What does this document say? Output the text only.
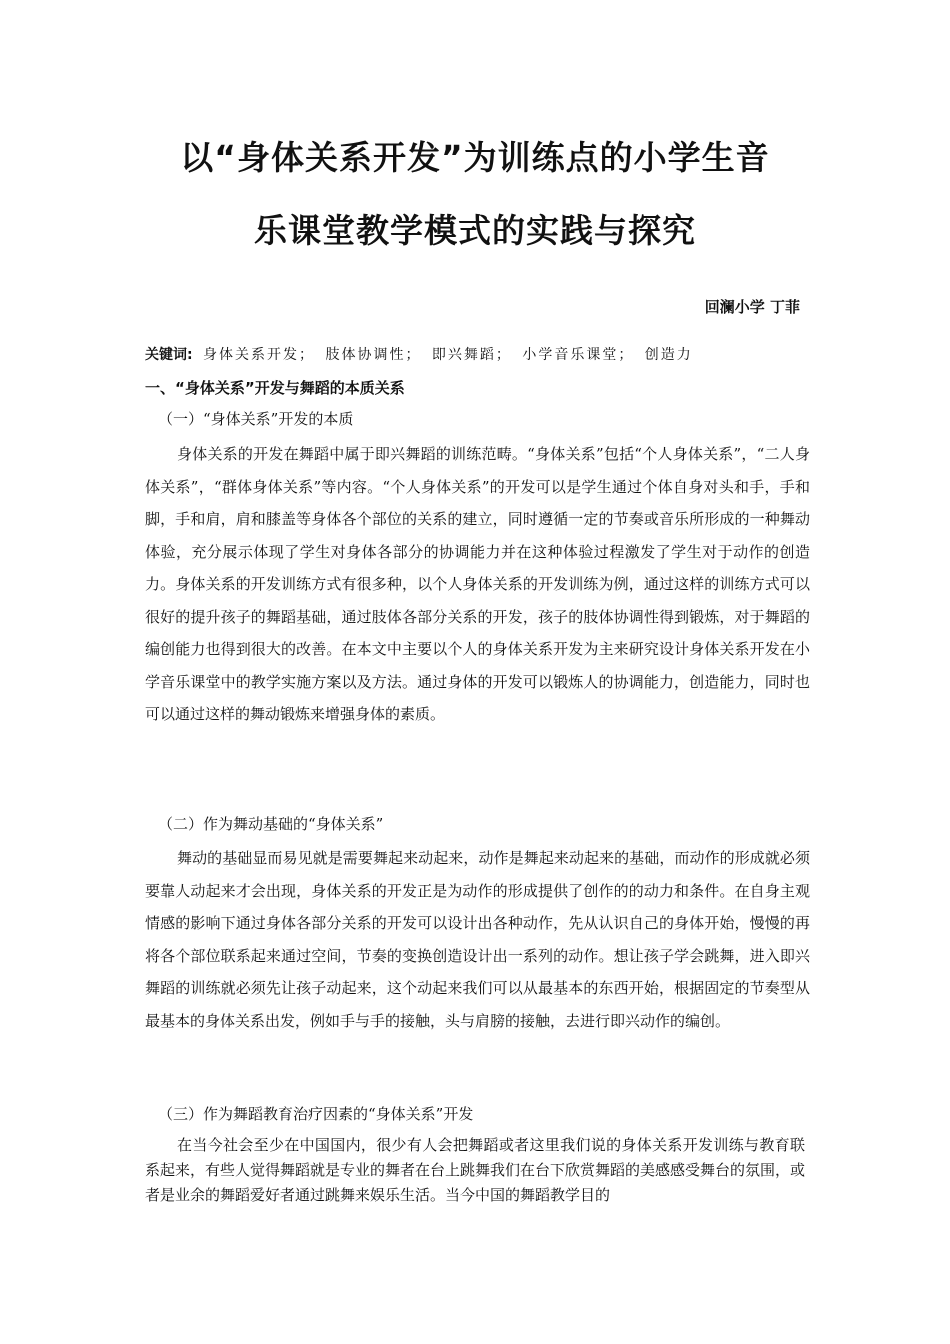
以“身体关系开发”为训练点的小学生音
乐课堂教学模式的实践与探究
回澜小学 丁菲
关键词: 身体关系开发； 肢体协调性； 即兴舞蹈； 小学音乐课堂； 创造力
一、“身体关系”开发与舞蹈的本质关系
（一）“身体关系”开发的本质

身体关系的开发在舞蹈中属于即兴舞蹈的训练范畴。“身体关系”包括“个人身体关系”，“二人身体关系”，“群体身体关系”等内容。“个人身体关系”的开发可以是学生通过个体自身对头和手，手和脚，手和肩，肩和膝盖等身体各个部位的关系的建立，同时遵循一定的节奏或音乐所形成的一种舞动体验，充分展示体现了学生对身体各部分的协调能力并在这种体验过程激发了学生对于动作的创造力。身体关系的开发训练方式有很多种，以个人身体关系的开发训练为例，通过这样的训练方式可以很好的提升孩子的舞蹈基础，通过肢体各部分关系的开发，孩子的肢体协调性得到锻炼，对于舞蹈的编创能力也得到很大的改善。在本文中主要以个人的身体关系开发为主来研究设计身体关系开发在小学音乐课堂中的教学实施方案以及方法。通过身体的开发可以锻炼人的协调能力，创造能力，同时也可以通过这样的舞动锻炼来增强身体的素质。

（二）作为舞动基础的“身体关系”

舞动的基础显而易见就是需要舞起来动起来，动作是舞起来动起来的基础，而动作的形成就必须要靠人动起来才会出现，身体关系的开发正是为动作的形成提供了创作的的动力和条件。在自身主观情感的影响下通过身体各部分关系的开发可以设计出各种动作，先从认识自己的身体开始，慢慢的再将各个部位联系起来通过空间，节奏的变换创造设计出一系列的动作。想让孩子学会跳舞，进入即兴舞蹈的训练就必须先让孩子动起来，这个动起来我们可以从最基本的东西开始，根据固定的节奏型从最基本的身体关系出发，例如手与手的接触，头与肩膀的接触，去进行即兴动作的编创。

（三）作为舞蹈教育治疗因素的“身体关系”开发

在当今社会至少在中国国内，很少有人会把舞蹈或者这里我们说的身体关系开发训练与教育联系起来，有些人觉得舞蹈就是专业的舞者在台上跳舞我们在台下欣赏舞蹈的美感感受舞台的氛围，或者是业余的舞蹈爱好者通过跳舞来娱乐生活。当今中国的舞蹈教学目的
